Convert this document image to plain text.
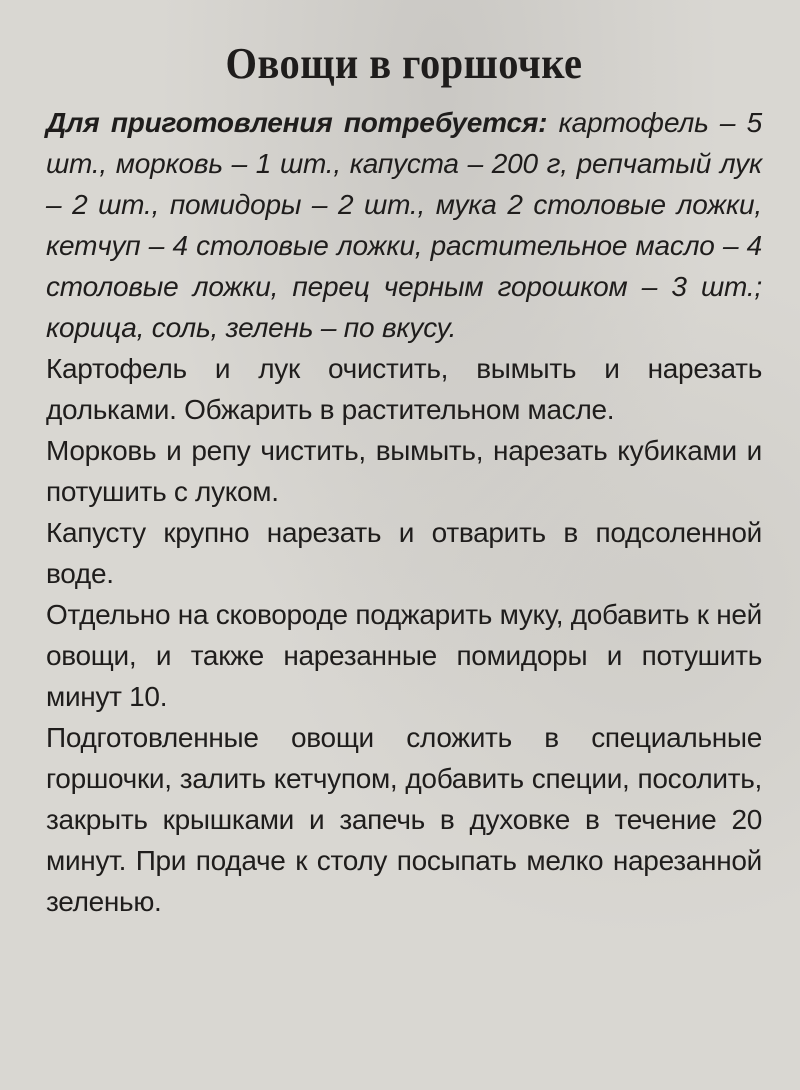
Овощи в горшочке

Для приготовления потребуется: картофель – 5 шт., морковь – 1 шт., капуста – 200 г, репчатый лук – 2 шт., помидоры – 2 шт., мука 2 столовые ложки, кетчуп – 4 столовые ложки, растительное масло – 4 столовые ложки, перец черным горошком – 3 шт.; корица, соль, зелень – по вкусу.

Картофель и лук очистить, вымыть и нарезать дольками. Обжарить в растительном масле.

Морковь и репу чистить, вымыть, нарезать кубиками и потушить с луком.

Капусту крупно нарезать и отварить в подсоленной воде.

Отдельно на сковороде поджарить муку, добавить к ней овощи, и также нарезанные помидоры и потушить минут 10.

Подготовленные овощи сложить в специальные горшочки, залить кетчупом, добавить специи, посолить, закрыть крышками и запечь в духовке в течение 20 минут. При подаче к столу посыпать мелко нарезанной зеленью.
